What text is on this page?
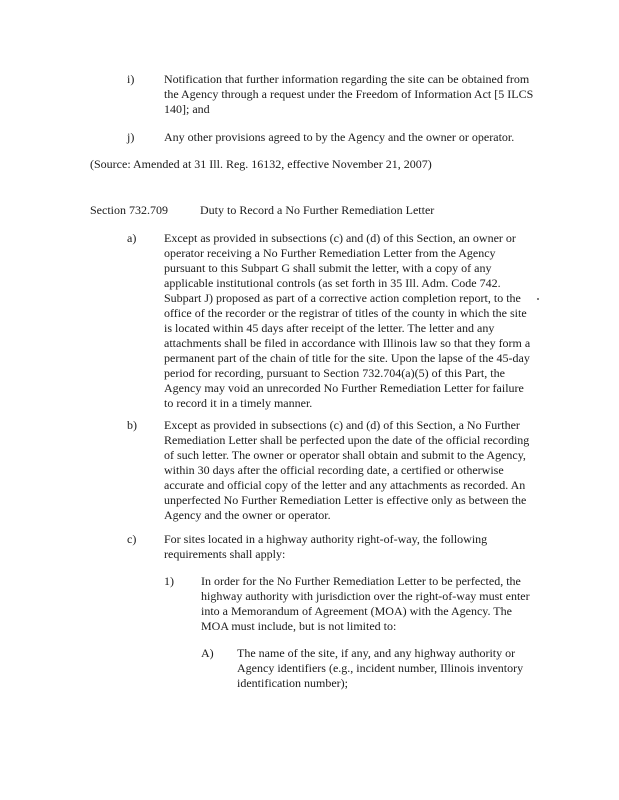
i) Notification that further information regarding the site can be obtained from the Agency through a request under the Freedom of Information Act [5 ILCS 140]; and
j) Any other provisions agreed to by the Agency and the owner or operator.
(Source: Amended at 31 Ill. Reg. 16132, effective November 21, 2007)
Section 732.709	Duty to Record a No Further Remediation Letter
a) Except as provided in subsections (c) and (d) of this Section, an owner or operator receiving a No Further Remediation Letter from the Agency pursuant to this Subpart G shall submit the letter, with a copy of any applicable institutional controls (as set forth in 35 Ill. Adm. Code 742. Subpart J) proposed as part of a corrective action completion report, to the office of the recorder or the registrar of titles of the county in which the site is located within 45 days after receipt of the letter. The letter and any attachments shall be filed in accordance with Illinois law so that they form a permanent part of the chain of title for the site. Upon the lapse of the 45-day period for recording, pursuant to Section 732.704(a)(5) of this Part, the Agency may void an unrecorded No Further Remediation Letter for failure to record it in a timely manner.
b) Except as provided in subsections (c) and (d) of this Section, a No Further Remediation Letter shall be perfected upon the date of the official recording of such letter. The owner or operator shall obtain and submit to the Agency, within 30 days after the official recording date, a certified or otherwise accurate and official copy of the letter and any attachments as recorded. An unperfected No Further Remediation Letter is effective only as between the Agency and the owner or operator.
c) For sites located in a highway authority right-of-way, the following requirements shall apply:
1) In order for the No Further Remediation Letter to be perfected, the highway authority with jurisdiction over the right-of-way must enter into a Memorandum of Agreement (MOA) with the Agency. The MOA must include, but is not limited to:
A) The name of the site, if any, and any highway authority or Agency identifiers (e.g., incident number, Illinois inventory identification number);
